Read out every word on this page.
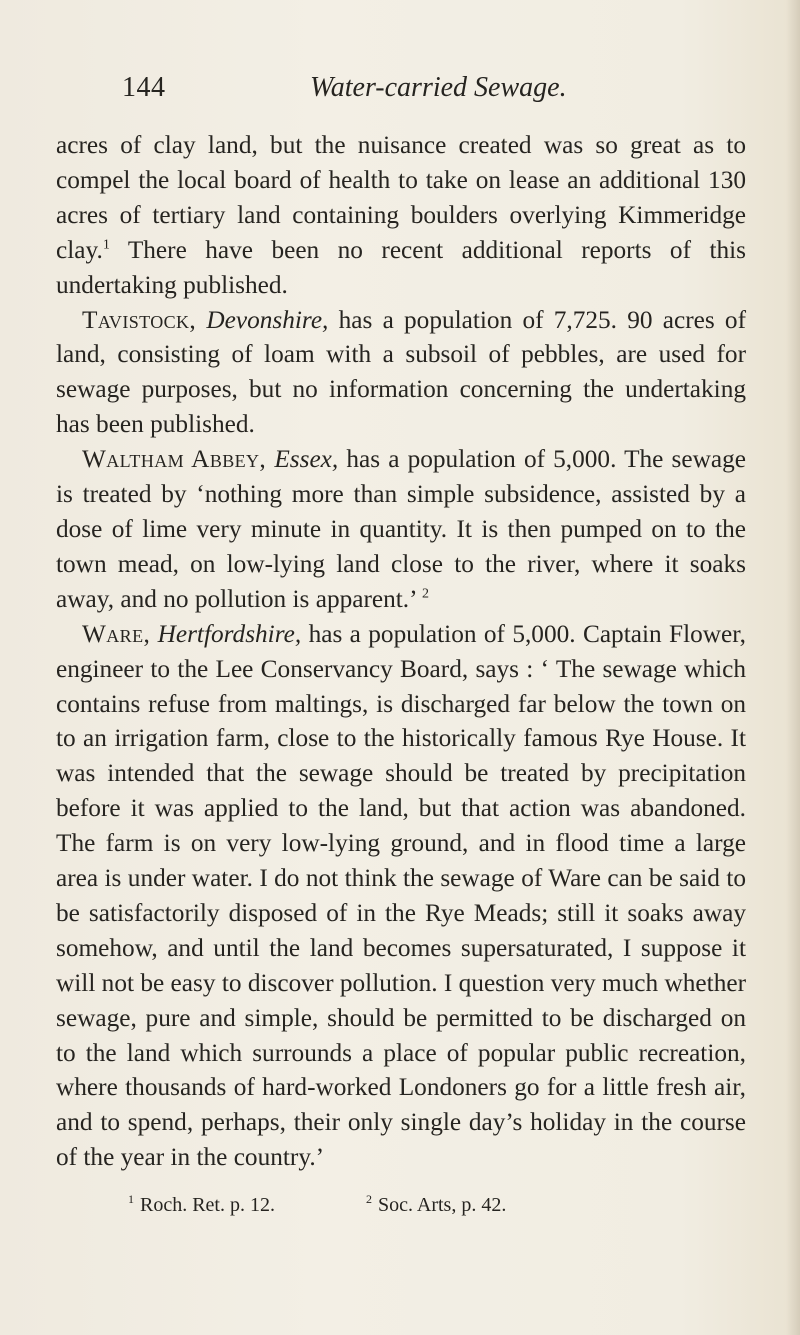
144	Water-carried Sewage.

acres of clay land, but the nuisance created was so great as to compel the local board of health to take on lease an additional 130 acres of tertiary land containing boulders overlying Kimmeridge clay.$^1$ There have been no recent additional reports of this undertaking published.

Tavistock, Devonshire, has a population of 7,725. 90 acres of land, consisting of loam with a subsoil of pebbles, are used for sewage purposes, but no information concerning the undertaking has been published.

Waltham Abbey, Essex, has a population of 5,000. The sewage is treated by ‘nothing more than simple subsidence, assisted by a dose of lime very minute in quantity. It is then pumped on to the town mead, on low-lying land close to the river, where it soaks away, and no pollution is apparent.’ $^2$

Ware, Hertfordshire, has a population of 5,000. Captain Flower, engineer to the Lee Conservancy Board, says : ‘ The sewage which contains refuse from maltings, is discharged far below the town on to an irrigation farm, close to the historically famous Rye House. It was intended that the sewage should be treated by precipitation before it was applied to the land, but that action was abandoned. The farm is on very low-lying ground, and in flood time a large area is under water. I do not think the sewage of Ware can be said to be satisfactorily disposed of in the Rye Meads; still it soaks away somehow, and until the land becomes supersaturated, I suppose it will not be easy to discover pollution. I question very much whether sewage, pure and simple, should be permitted to be discharged on to the land which surrounds a place of popular public recreation, where thousands of hard-worked Londoners go for a little fresh air, and to spend, perhaps, their only single day’s holiday in the course of the year in the country.’

$^1$ Roch. Ret. p. 12.	$^2$ Soc. Arts, p. 42.
